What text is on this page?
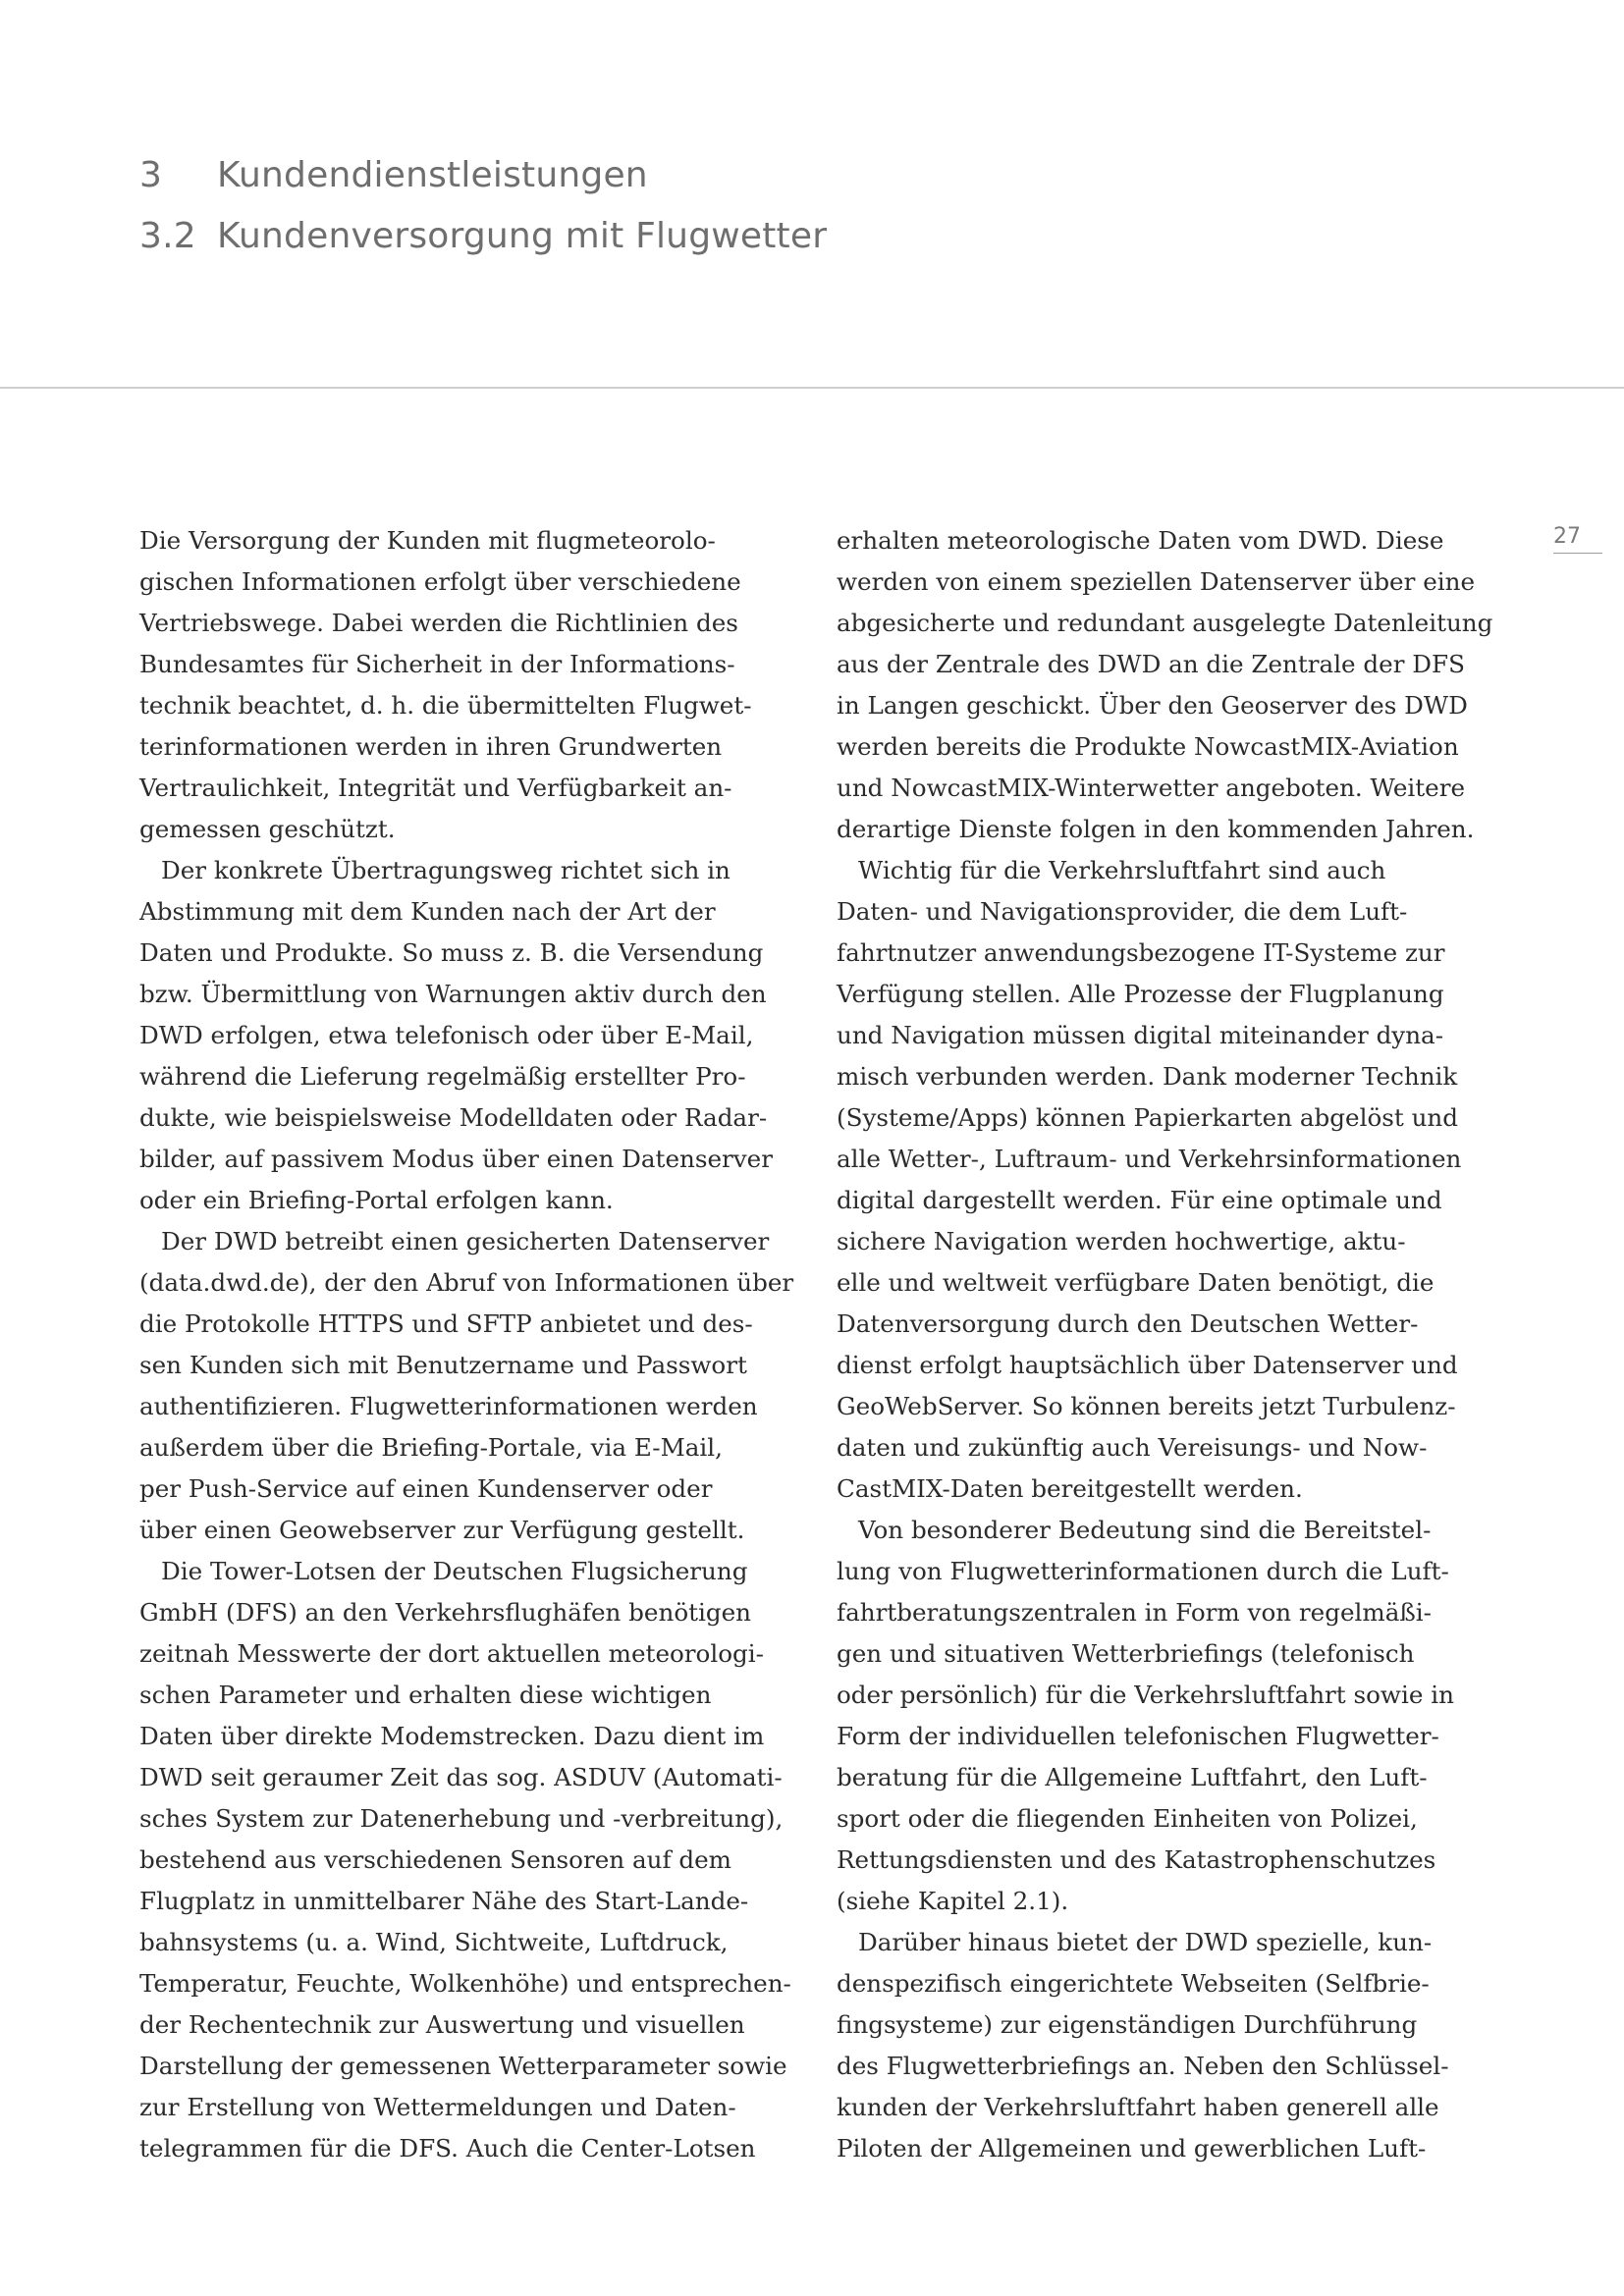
3	Kundendienstleistungen
3.2 Kundenversorgung mit Flugwetter
27
Die Versorgung der Kunden mit flugmeteorolo-
gischen Informationen erfolgt über verschiedene
Vertriebswege. Dabei werden die Richtlinien des
Bundesamtes für Sicherheit in der Informations-
technik beachtet, d. h. die übermittelten Flugwet-
terinformationen werden in ihren Grundwerten
Vertraulichkeit, Integrität und Verfügbarkeit an-
gemessen geschützt.
Der konkrete Übertragungsweg richtet sich in
Abstimmung mit dem Kunden nach der Art der
Daten und Produkte. So muss z. B. die Versendung
bzw. Übermittlung von Warnungen aktiv durch den
DWD erfolgen, etwa telefonisch oder über E-Mail,
während die Lieferung regelmäßig erstellter Pro-
dukte, wie beispielsweise Modelldaten oder Radar-
bilder, auf passivem Modus über einen Datenserver
oder ein Briefing-Portal erfolgen kann.
Der DWD betreibt einen gesicherten Datenserver
(data.dwd.de), der den Abruf von Informationen über
die Protokolle HTTPS und SFTP anbietet und des-
sen Kunden sich mit Benutzername und Passwort
authentifizieren. Flugwetterinformationen werden
außerdem über die Briefing-Portale, via E-Mail,
per Push-Service auf einen Kundenserver oder
über einen Geowebserver zur Verfügung gestellt.
Die Tower-Lotsen der Deutschen Flugsicherung
GmbH (DFS) an den Verkehrsflughäfen benötigen
zeitnah Messwerte der dort aktuellen meteorologi-
schen Parameter und erhalten diese wichtigen
Daten über direkte Modemstrecken. Dazu dient im
DWD seit geraumer Zeit das sog. ASDUV (Automati-
sches System zur Datenerhebung und -verbreitung),
bestehend aus verschiedenen Sensoren auf dem
Flugplatz in unmittelbarer Nähe des Start-Lande-
bahnsystems (u. a. Wind, Sichtweite, Luftdruck,
Temperatur, Feuchte, Wolkenhöhe) und entsprechen-
der Rechentechnik zur Auswertung und visuellen
Darstellung der gemessenen Wetterparameter sowie
zur Erstellung von Wettermeldungen und Daten-
telegrammen für die DFS. Auch die Center-Lotsen
erhalten meteorologische Daten vom DWD. Diese
werden von einem speziellen Datenserver über eine
abgesicherte und redundant ausgelegte Datenleitung
aus der Zentrale des DWD an die Zentrale der DFS
in Langen geschickt. Über den Geoserver des DWD
werden bereits die Produkte NowcastMIX-Aviation
und NowcastMIX-Winterwetter angeboten. Weitere
derartige Dienste folgen in den kommenden Jahren.
Wichtig für die Verkehrsluftfahrt sind auch
Daten- und Navigationsprovider, die dem Luft-
fahrtnutzer anwendungsbezogene IT-Systeme zur
Verfügung stellen. Alle Prozesse der Flugplanung
und Navigation müssen digital miteinander dyna-
misch verbunden werden. Dank moderner Technik
(Systeme/Apps) können Papierkarten abgelöst und
alle Wetter-, Luftraum- und Verkehrsinformationen
digital dargestellt werden. Für eine optimale und
sichere Navigation werden hochwertige, aktu-
elle und weltweit verfügbare Daten benötigt, die
Datenversorgung durch den Deutschen Wetter-
dienst erfolgt hauptsächlich über Datenserver und
GeoWebServer. So können bereits jetzt Turbulenz-
daten und zukünftig auch Vereisungs- und Now-
CastMIX-Daten bereitgestellt werden.
Von besonderer Bedeutung sind die Bereitstel-
lung von Flugwetterinformationen durch die Luft-
fahrtberatungszentralen in Form von regelmäßi-
gen und situativen Wetterbriefings (telefonisch
oder persönlich) für die Verkehrsluftfahrt sowie in
Form der individuellen telefonischen Flugwetter-
beratung für die Allgemeine Luftfahrt, den Luft-
sport oder die fliegenden Einheiten von Polizei,
Rettungsdiensten und des Katastrophenschutzes
(siehe Kapitel 2.1).
Darüber hinaus bietet der DWD spezielle, kun-
denspezifisch eingerichtete Webseiten (Selfbrie-
fingsysteme) zur eigenständigen Durchführung
des Flugwetterbriefings an. Neben den Schlüssel-
kunden der Verkehrsluftfahrt haben generell alle
Piloten der Allgemeinen und gewerblichen Luft-
